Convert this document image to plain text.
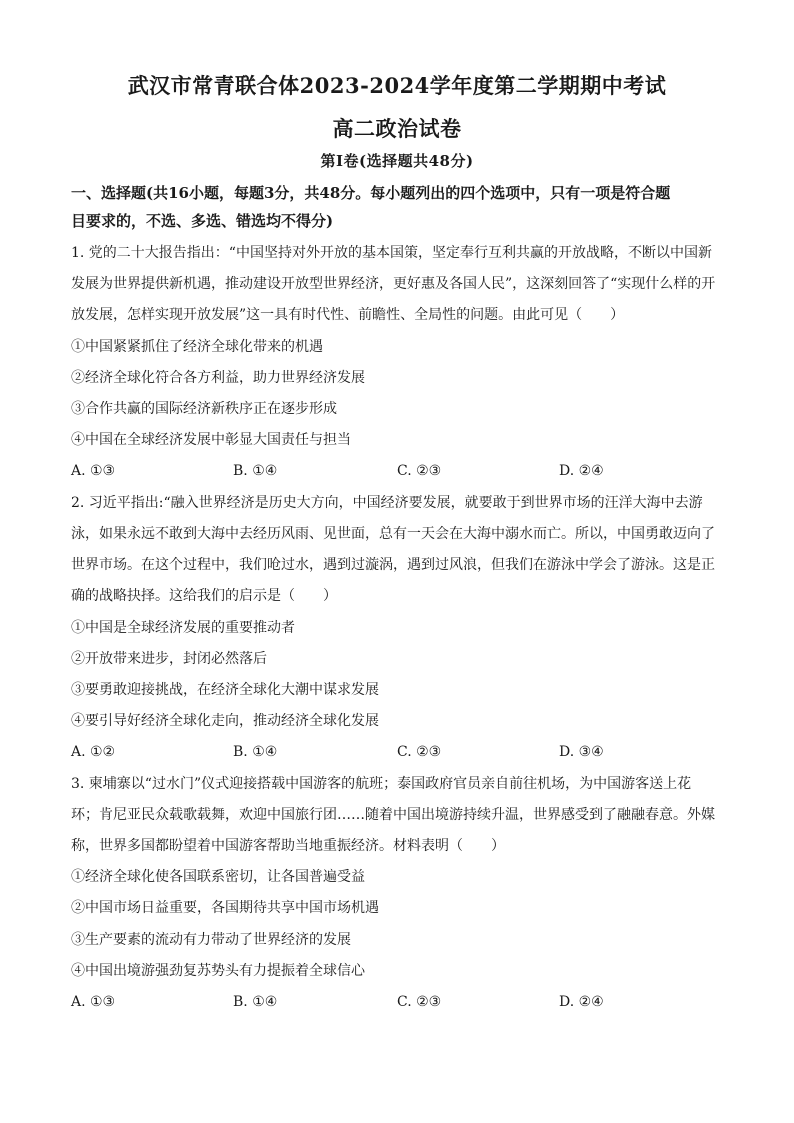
武汉市常青联合体2023-2024学年度第二学期期中考试
高二政治试卷
第Ⅰ卷(选择题共48分)
一、选择题(共16小题，每题3分，共48分。每小题列出的四个选项中，只有一项是符合题
目要求的，不选、多选、错选均不得分)
1. 党的二十大报告指出：“中国坚持对外开放的基本国策，坚定奉行互利共赢的开放战略，不断以中国新
发展为世界提供新机遇，推动建设开放型世界经济，更好惠及各国人民”，这深刻回答了“实现什么样的开
放发展，怎样实现开放发展”这一具有时代性、前瞻性、全局性的问题。由此可见（　　）
①中国紧紧抓住了经济全球化带来的机遇
②经济全球化符合各方利益，助力世界经济发展
③合作共赢的国际经济新秩序正在逐步形成
④中国在全球经济发展中彰显大国责任与担当
A. ①③	B. ①④	C. ②③	D. ②④
2. 习近平指出:“融入世界经济是历史大方向，中国经济要发展，就要敢于到世界市场的汪洋大海中去游
泳，如果永远不敢到大海中去经历风雨、见世面，总有一天会在大海中溺水而亡。所以，中国勇敢迈向了
世界市场。在这个过程中，我们呛过水，遇到过漩涡，遇到过风浪，但我们在游泳中学会了游泳。这是正
确的战略抉择。这给我们的启示是（　　）
①中国是全球经济发展的重要推动者
②开放带来进步，封闭必然落后
③要勇敢迎接挑战，在经济全球化大潮中谋求发展
④要引导好经济全球化走向，推动经济全球化发展
A. ①②	B. ①④	C. ②③	D. ③④
3. 柬埔寨以“过水门”仪式迎接搭载中国游客的航班；泰国政府官员亲自前往机场，为中国游客送上花
环；肯尼亚民众载歌载舞，欢迎中国旅行团……随着中国出境游持续升温，世界感受到了融融春意。外媒
称，世界多国都盼望着中国游客帮助当地重振经济。材料表明（　　）
①经济全球化使各国联系密切，让各国普遍受益
②中国市场日益重要，各国期待共享中国市场机遇
③生产要素的流动有力带动了世界经济的发展
④中国出境游强劲复苏势头有力提振着全球信心
A. ①③	B. ①④	C. ②③	D. ②④
